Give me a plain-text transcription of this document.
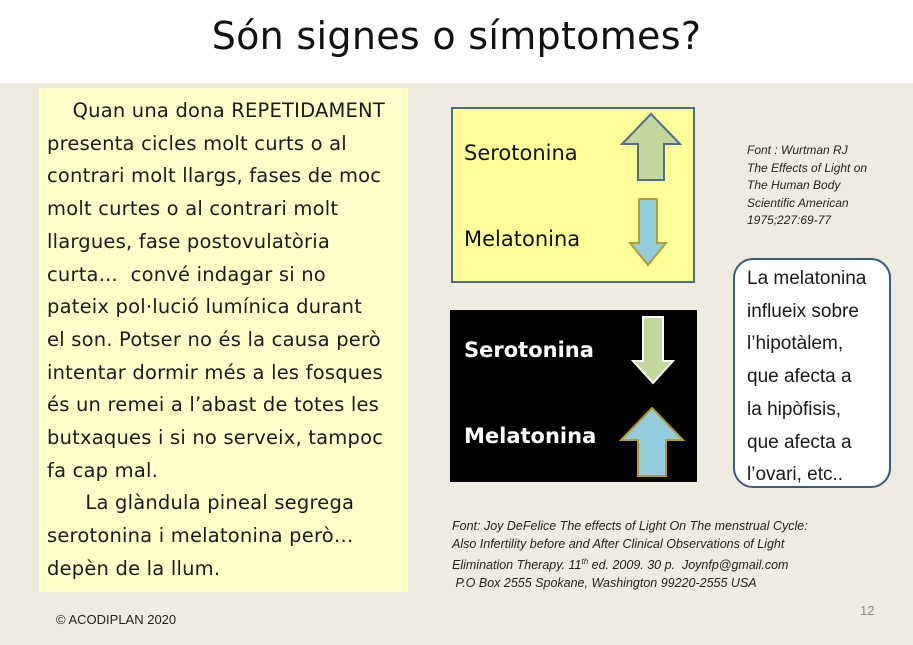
Són signes o símptomes?

Quan una dona REPETIDAMENT
presenta cicles molt curts o al
contrari molt llargs, fases de moc
molt curtes o al contrari molt
llargues, fase postovulatòria
curta...  convé indagar si no
pateix pol·lució lumínica durant
el son. Potser no és la causa però
intentar dormir més a les fosques
és un remei a l’abast de totes les
butxaques i si no serveix, tampoc
fa cap mal.

La glàndula pineal segrega
serotonina i melatonina però…
depèn de la llum.

Serotonina
Melatonina
Serotonina
Melatonina
Font : Wurtman RJ
The Effects of Light on
The Human Body
Scientific American
1975;227:69-77
La melatonina
influeix sobre
l’hipotàlem,
que afecta a
la hipòfisis,
que afecta a
l’ovari, etc..
Font: Joy DeFelice The effects of Light On The menstrual Cycle:
Also Infertility before and After Clinical Observations of Light
Elimination Therapy. 11th ed. 2009. 30 p.  Joynfp@gmail.com
P.O Box 2555 Spokane, Washington 99220-2555 USA
© ACODIPLAN 2020
12
